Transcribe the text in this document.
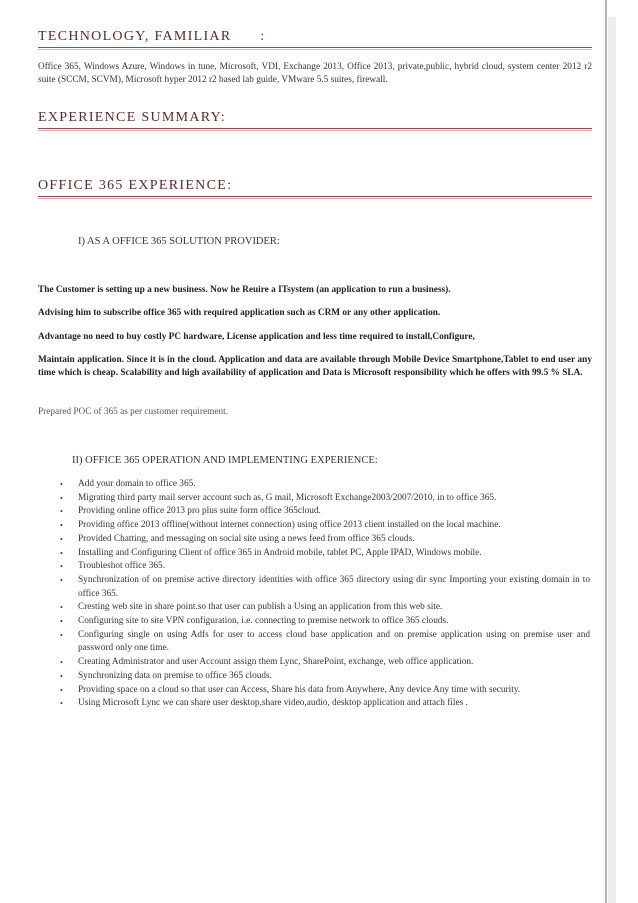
TECHNOLOGY, FAMILIAR      :
Office 365, Windows Azure, Windows in tune, Microsoft, VDI, Exchange 2013, Office 2013, private,public, hybrid cloud, system center 2012 r2 suite (SCCM, SCVM), Microsoft hyper 2012 r2 based lab guide, VMware 5.5 suites, firewall.
EXPERIENCE SUMMARY:
OFFICE 365 EXPERIENCE:
I) AS A OFFICE 365 SOLUTION PROVIDER:
The Customer is setting up a new business. Now he Reuire a ITsystem (an application to run a business).
Advising him to subscribe office 365 with required application such as CRM or any other application.
Advantage no need to buy costly PC hardware, License application and less time required to install,Configure,
Maintain application. Since it is in the cloud. Application and data are available through Mobile Device Smartphone,Tablet to end user any time which is cheap. Scalability and high availability of application and Data is Microsoft responsibility which he offers with 99.5 % SLA.
Prepared POC of 365 as per customer requirement.
II) OFFICE 365 OPERATION AND IMPLEMENTING EXPERIENCE:
• Add your domain to office 365.
• Migrating third party mail server account such as, G mail, Microsoft Exchange2003/2007/2010, in to office 365.
• Providing online office 2013 pro plus suite form office 365cloud.
• Providing office 2013 offline(without internet connection) using office 2013 client installed on the local machine.
• Provided Chatting, and messaging on social site using a news feed from office 365 clouds.
• Installing and Configuring Client of office 365 in Android mobile, tablet PC, Apple IPAD, Windows mobile.
• Troubleshot office 365.
• Synchronization of on premise active directory identities with office 365 directory using dir sync Importing your existing domain in to office 365.
• Cresting web site in share point.so that user can publish a Using an application from this web site.
• Configuring site to site VPN configuration, i.e. connecting to premise network to office 365 clouds.
• Configuring single on using Adfs for user to access cloud base application and on premise application using on premise user and password only one time.
• Creating Administrator and user Account assign them Lync, SharePoint, exchange, web office application.
• Synchronizing data on premise to office 365 clouds.
• Providing space on a cloud so that user can Access, Share his data from Anywhere, Any device Any time with security.
• Using Microsoft Lync we can share user desktop,share video,audio, desktop application and attach files .
